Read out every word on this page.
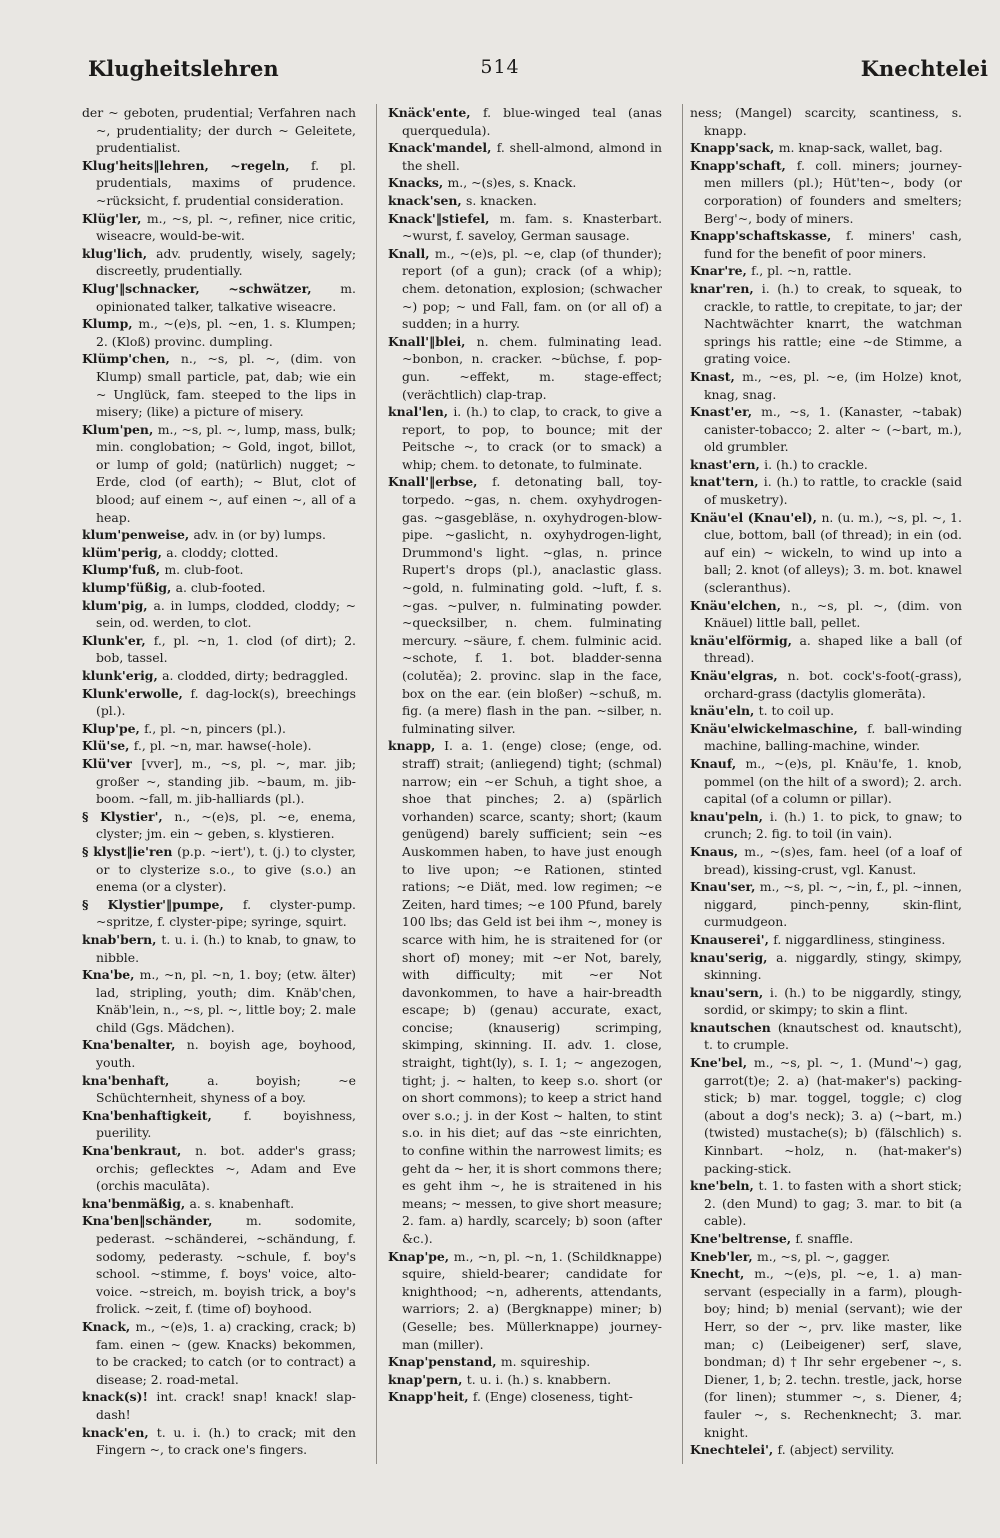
Klugheitslehren	514	Knechtelei
der ~ geboten, prudential; Verfahren nach ~, prudentiality; der durch ~ Geleitete, prudentialist.
Klug'heits‖lehren, ~regeln, f. pl. prudentials, maxims of prudence. ~rücksicht, f. prudential consideration.
Klüg'ler, m., ~s, pl. ~, refiner, nice critic, wiseacre, would-be-wit.
klug'lich, adv. prudently, wisely, sagely; discreetly, prudentially.
Klug'‖schnacker, ~schwätzer, m. opinionated talker, talkative wiseacre.
Klump, m., ~(e)s, pl. ~en, 1. s. Klumpen; 2. (Kloß) provinc. dumpling.
Klümp'chen, n., ~s, pl. ~, (dim. von Klump) small particle, pat, dab; wie ein ~ Unglück, fam. steeped to the lips in misery; (like) a picture of misery.
Klum'pen, m., ~s, pl. ~, lump, mass, bulk; min. conglobation; ~ Gold, ingot, billot, or lump of gold; (natürlich) nugget; ~ Erde, clod (of earth); ~ Blut, clot of blood; auf einem ~, auf einen ~, all of a heap.
klum'penweise, adv. in (or by) lumps.
klüm'perig, a. cloddy; clotted.
Klump'fuß, m. club-foot.
klump'füßig, a. club-footed.
klum'pig, a. in lumps, clodded, cloddy; ~ sein, od. werden, to clot.
Klunk'er, f., pl. ~n, 1. clod (of dirt); 2. bob, tassel.
klunk'erig, a. clodded, dirty; bedraggled.
Klunk'erwolle, f. dag-lock(s), breechings (pl.).
Klup'pe, f., pl. ~n, pincers (pl.).
Klü'se, f., pl. ~n, mar. hawse(-hole).
Klü'ver [vver], m., ~s, pl. ~, mar. jib; großer ~, standing jib. ~baum, m. jib-boom. ~fall, m. jib-halliards (pl.).
§ Klystier', n., ~(e)s, pl. ~e, enema, clyster; jm. ein ~ geben, s. klystieren.
§ klyst‖ie'ren (p.p. ~iert'), t. (j.) to clyster, or to clysterize s.o., to give (s.o.) an enema (or a clyster).
§ Klystier'‖pumpe, f. clyster-pump. ~spritze, f. clyster-pipe; syringe, squirt.
knab'bern, t. u. i. (h.) to knab, to gnaw, to nibble.
Kna'be, m., ~n, pl. ~n, 1. boy; (etw. älter) lad, stripling, youth; dim. Knäb'chen, Knäb'lein, n., ~s, pl. ~, little boy; 2. male child (Ggs. Mädchen).
Kna'benalter, n. boyish age, boyhood, youth.
kna'benhaft, a. boyish; ~e Schüchternheit, shyness of a boy.
Kna'benhaftigkeit, f. boyishness, puerility.
Kna'benkraut, n. bot. adder's grass; orchis; geflecktes ~, Adam and Eve (orchis maculāta).
kna'benmäßig, a. s. knabenhaft.
Kna'ben‖schänder, m. sodomite, pederast. ~schänderei, ~schändung, f. sodomy, pederasty. ~schule, f. boy's school. ~stimme, f. boys' voice, alto-voice. ~streich, m. boyish trick, a boy's frolick. ~zeit, f. (time of) boyhood.
Knack, m., ~(e)s, 1. a) cracking, crack; b) fam. einen ~ (gew. Knacks) bekommen, to be cracked; to catch (or to contract) a disease; 2. road-metal.
knack(s)! int. crack! snap! knack! slap-dash!
knack'en, t. u. i. (h.) to crack; mit den Fingern ~, to crack one's fingers.
Knäck'ente, f. blue-winged teal (anas querquedula).
Knack'mandel, f. shell-almond, almond in the shell.
Knacks, m., ~(s)es, s. Knack.
knack'sen, s. knacken.
Knack'‖stiefel, m. fam. s. Knasterbart. ~wurst, f. saveloy, German sausage.
Knall, m., ~(e)s, pl. ~e, clap (of thunder); report (of a gun); crack (of a whip); chem. detonation, explosion; (schwacher ~) pop; ~ und Fall, fam. on (or all of) a sudden; in a hurry.
Knall'‖blei, n. chem. fulminating lead. ~bonbon, n. cracker. ~büchse, f. pop-gun. ~effekt, m. stage-effect; (verächtlich) clap-trap.
knal'len, i. (h.) to clap, to crack, to give a report, to pop, to bounce; mit der Peitsche ~, to crack (or to smack) a whip; chem. to detonate, to fulminate.
Knall'‖erbse, f. detonating ball, toy-torpedo. ~gas, n. chem. oxyhydrogen-gas. ~gasgebläse, n. oxyhydrogen-blow-pipe. ~gaslicht, n. oxyhydrogen-light, Drummond's light. ~glas, n. prince Rupert's drops (pl.), anaclastic glass. ~gold, n. fulminating gold. ~luft, f. s. ~gas. ~pulver, n. fulminating powder. ~quecksilber, n. chem. fulminating mercury. ~säure, f. chem. fulminic acid. ~schote, f. 1. bot. bladder-senna (colutĕa); 2. provinc. slap in the face, box on the ear. (ein bloßer) ~schuß, m. fig. (a mere) flash in the pan. ~silber, n. fulminating silver.
knapp, I. a. 1. (enge) close; (enge, od. straff) strait; (anliegend) tight; (schmal) narrow; ein ~er Schuh, a tight shoe, a shoe that pinches; 2. a) (spärlich vorhanden) scarce, scanty; short; (kaum genügend) barely sufficient; sein ~es Auskommen haben, to have just enough to live upon; ~e Rationen, stinted rations; ~e Diät, med. low regimen; ~e Zeiten, hard times; ~e 100 Pfund, barely 100 lbs; das Geld ist bei ihm ~, money is scarce with him, he is straitened for (or short of) money; mit ~er Not, barely, with difficulty; mit ~er Not davonkommen, to have a hair-breadth escape; b) (genau) accurate, exact, concise; (knauserig) scrimping, skimping, skinning. II. adv. 1. close, straight, tight(ly), s. I. 1; ~ angezogen, tight; j. ~ halten, to keep s.o. short (or on short commons); to keep a strict hand over s.o.; j. in der Kost ~ halten, to stint s.o. in his diet; auf das ~ste einrichten, to confine within the narrowest limits; es geht da ~ her, it is short commons there; es geht ihm ~, he is straitened in his means; ~ messen, to give short measure; 2. fam. a) hardly, scarcely; b) soon (after &c.).
Knap'pe, m., ~n, pl. ~n, 1. (Schildknappe) squire, shield-bearer; candidate for knighthood; ~n, adherents, attendants, warriors; 2. a) (Bergknappe) miner; b) (Geselle; bes. Müllerknappe) journey-man (miller).
Knap'penstand, m. squireship.
knap'pern, t. u. i. (h.) s. knabbern.
Knapp'heit, f. (Enge) closeness, tight-
ness; (Mangel) scarcity, scantiness, s. knapp.
Knapp'sack, m. knap-sack, wallet, bag.
Knapp'schaft, f. coll. miners; journey-men millers (pl.); Hüt'ten~, body (or corporation) of founders and smelters; Berg'~, body of miners.
Knapp'schaftskasse, f. miners' cash, fund for the benefit of poor miners.
Knar're, f., pl. ~n, rattle.
knar'ren, i. (h.) to creak, to squeak, to crackle, to rattle, to crepitate, to jar; der Nachtwächter knarrt, the watchman springs his rattle; eine ~de Stimme, a grating voice.
Knast, m., ~es, pl. ~e, (im Holze) knot, knag, snag.
Knast'er, m., ~s, 1. (Kanaster, ~tabak) canister-tobacco; 2. alter ~ (~bart, m.), old grumbler.
knast'ern, i. (h.) to crackle.
knat'tern, i. (h.) to rattle, to crackle (said of musketry).
Knäu'el (Knau'el), n. (u. m.), ~s, pl. ~, 1. clue, bottom, ball (of thread); in ein (od. auf ein) ~ wickeln, to wind up into a ball; 2. knot (of alleys); 3. m. bot. knawel (scleranthus).
Knäu'elchen, n., ~s, pl. ~, (dim. von Knäuel) little ball, pellet.
knäu'elförmig, a. shaped like a ball (of thread).
Knäu'elgras, n. bot. cock's-foot(-grass), orchard-grass (dactylis glomerāta).
knäu'eln, t. to coil up.
Knäu'elwickelmaschine, f. ball-winding machine, balling-machine, winder.
Knauf, m., ~(e)s, pl. Knäu'fe, 1. knob, pommel (on the hilt of a sword); 2. arch. capital (of a column or pillar).
knau'peln, i. (h.) 1. to pick, to gnaw; to crunch; 2. fig. to toil (in vain).
Knaus, m., ~(s)es, fam. heel (of a loaf of bread), kissing-crust, vgl. Kanust.
Knau'ser, m., ~s, pl. ~, ~in, f., pl. ~innen, niggard, pinch-penny, skin-flint, curmudgeon.
Knauserei', f. niggardliness, stinginess.
knau'serig, a. niggardly, stingy, skimpy, skinning.
knau'sern, i. (h.) to be niggardly, stingy, sordid, or skimpy; to skin a flint.
knautschen (knautschest od. knautscht), t. to crumple.
Kne'bel, m., ~s, pl. ~, 1. (Mund'~) gag, garrot(t)e; 2. a) (hat-maker's) packing-stick; b) mar. toggel, toggle; c) clog (about a dog's neck); 3. a) (~bart, m.) (twisted) mustache(s); b) (fälschlich) s. Kinnbart. ~holz, n. (hat-maker's) packing-stick.
kne'beln, t. 1. to fasten with a short stick; 2. (den Mund) to gag; 3. mar. to bit (a cable).
Kne'beltrense, f. snaffle.
Kneb'ler, m., ~s, pl. ~, gagger.
Knecht, m., ~(e)s, pl. ~e, 1. a) man-servant (especially in a farm), plough-boy; hind; b) menial (servant); wie der Herr, so der ~, prv. like master, like man; c) (Leibeigener) serf, slave, bondman; d) † Ihr sehr ergebener ~, s. Diener, 1, b; 2. techn. trestle, jack, horse (for linen); stummer ~, s. Diener, 4; fauler ~, s. Rechenknecht; 3. mar. knight.
Knechtelei', f. (abject) servility.
